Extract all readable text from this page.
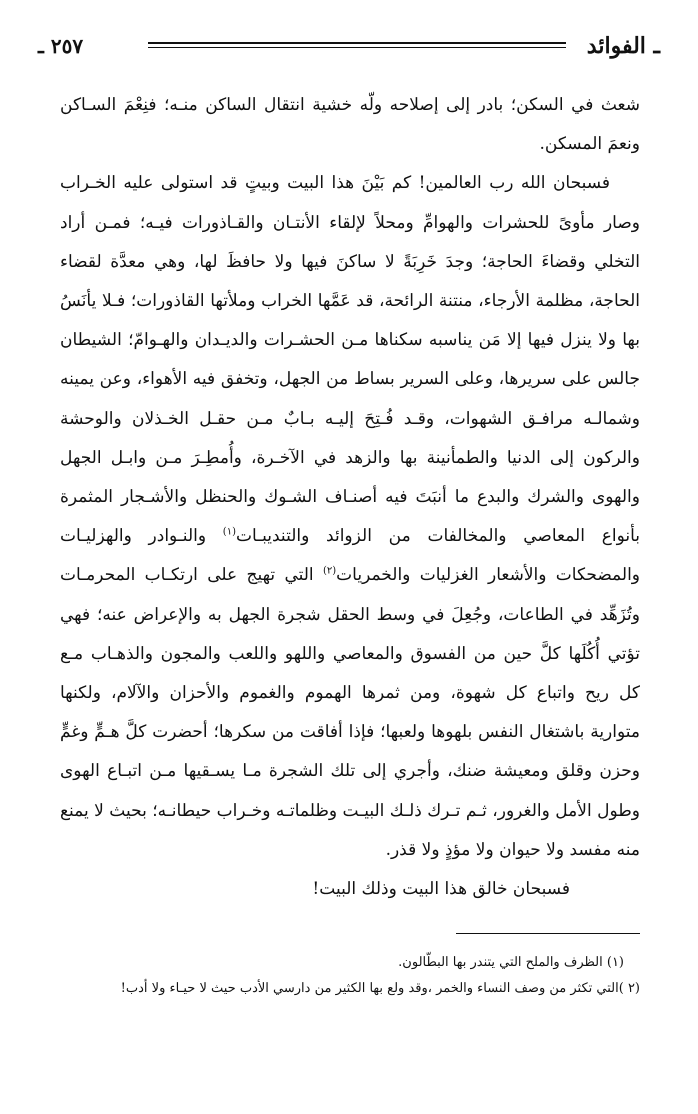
ـ الفوائد
٢٥٧ ـ

شعث في السكن؛ بادر إلى إصلاحه ولّه خشية انتقال الساكن منـه؛ فنِعْمَ السـاكن ونعمَ المسكن.

فسبحان الله رب العالمين! كم بَيْنَ هذا البيت وبيتٍ قد استولى عليه الخـراب وصار مأوىً للحشرات والهوامِّ ومحلاً لإلقاء الأنتـان والقـاذورات فيـه؛ فمـن أراد التخلي وقضاءَ الحاجة؛ وجدَ خَرِبَةً لا ساكنَ فيها ولا حافظَ لها، وهي معدَّة لقضاء الحاجة، مظلمة الأرجاء، منتنة الرائحة، قد عَمَّها الخراب وملأتها القاذورات؛ فـلا يأنَسُ بها ولا ينزل فيها إلا مَن يناسبه سكناها مـن الحشـرات والديـدان والهـوامّ؛ الشيطان جالس على سريرها، وعلى السرير بساط من الجهل، وتخفق فيه الأهواء، وعن يمينه وشمالـه مرافـق الشهوات، وقـد فُـتِحَ إليـه بـابٌ مـن حقـل الخـذلان والوحشة والركون إلى الدنيا والطمأنينة بها والزهد في الآخـرة، وأُمطِـرَ مـن وابـل الجهل والهوى والشرك والبدع ما أنبَتَ فيه أصنـاف الشـوك والحنظل والأشـجار المثمرة بأنواع المعاصي والمخالفات من الزوائد والتنديبـات$^{(١)}$ والنـوادر والهزليـات والمضحكات والأشعار الغزليات والخمريات$^{(٢)}$ التي تهيج على ارتكـاب المحرمـات وتُزَهِّد في الطاعات، وجُعِلَ في وسط الحقل شجرة الجهل به والإعراض عنه؛ فهي تؤتي أُكُلَها كلَّ حين من الفسوق والمعاصي واللهو واللعب والمجون والذهـاب مـع كل ريح واتباع كل شهوة، ومن ثمرها الهموم والغموم والأحزان والآلام، ولكنها متوارية باشتغال النفس بلهوها ولعبها؛ فإذا أفاقت من سكرها؛ أحضرت كلَّ هـمٍّ وغمٍّ وحزن وقلق ومعيشة ضنك، وأجري إلى تلك الشجرة مـا يسـقيها مـن اتبـاع الهوى وطول الأمل والغرور، ثـم تـرك ذلـك البيـت وظلماتـه وخـراب حيطانـه؛ بحيث لا يمنع منه مفسد ولا حيوان ولا مؤذٍ ولا قذر.

فسبحان خالق هذا البيت وذلك البيت!

(١) الظرف والملح التي يتندر بها البطّالون.

(٢ )التي تكثر من وصف النساء والخمر ،وقد ولع بها الكثير من دارسي الأدب حيث لا حيـاء ولا أدب!
